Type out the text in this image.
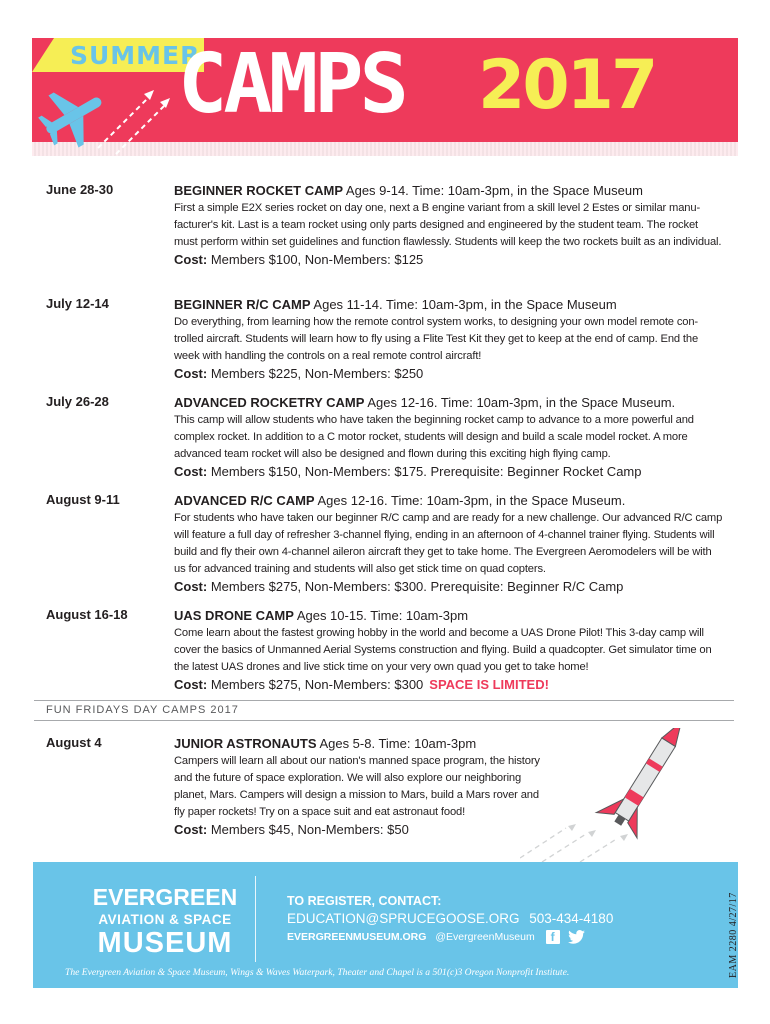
SUMMER
CAMPS 2017
June 28-30	BEGINNER ROCKET CAMP Ages 9-14. Time: 10am-3pm, in the Space Museum
First a simple E2X series rocket on day one, next a B engine variant from a skill level 2 Estes or similar manu-facturer's kit. Last is a team rocket using only parts designed and engineered by the student team. The rocket must perform within set guidelines and function flawlessly. Students will keep the two rockets built as an individual.
Cost: Members $100, Non-Members: $125
July 12-14	BEGINNER R/C CAMP Ages 11-14. Time: 10am-3pm, in the Space Museum
Do everything, from learning how the remote control system works, to designing your own model remote con-trolled aircraft. Students will learn how to fly using a Flite Test Kit they get to keep at the end of camp. End the week with handling the controls on a real remote control aircraft!
Cost: Members $225, Non-Members: $250
July 26-28	ADVANCED ROCKETRY CAMP Ages 12-16. Time: 10am-3pm, in the Space Museum.
This camp will allow students who have taken the beginning rocket camp to advance to a more powerful and complex rocket. In addition to a C motor rocket, students will design and build a scale model rocket. A more advanced team rocket will also be designed and flown during this exciting high flying camp.
Cost: Members $150, Non-Members: $175. Prerequisite: Beginner Rocket Camp
August 9-11	ADVANCED R/C CAMP Ages 12-16. Time: 10am-3pm, in the Space Museum.
For students who have taken our beginner R/C camp and are ready for a new challenge. Our advanced R/C camp will feature a full day of refresher 3-channel flying, ending in an afternoon of 4-channel trainer flying. Students will build and fly their own 4-channel aileron aircraft they get to take home. The Evergreen Aeromodelers will be with us for advanced training and students will also get stick time on quad copters.
Cost: Members $275, Non-Members: $300. Prerequisite: Beginner R/C Camp
August 16-18	UAS DRONE CAMP Ages 10-15. Time: 10am-3pm
Come learn about the fastest growing hobby in the world and become a UAS Drone Pilot! This 3-day camp will cover the basics of Unmanned Aerial Systems construction and flying. Build a quadcopter. Get simulator time on the latest UAS drones and live stick time on your very own quad you get to take home!
Cost: Members $275, Non-Members: $300 SPACE IS LIMITED!
FUN FRIDAYS DAY CAMPS 2017
August 4	JUNIOR ASTRONAUTS Ages 5-8. Time: 10am-3pm
Campers will learn all about our nation's manned space program, the history and the future of space exploration. We will also explore our neighboring planet, Mars. Campers will design a mission to Mars, build a Mars rover and fly paper rockets! Try on a space suit and eat astronaut food!
Cost: Members $45, Non-Members: $50
EVERGREEN
AVIATION & SPACE
MUSEUM
TO REGISTER, CONTACT:
EDUCATION@SPRUCEGOOSE.ORG 503-434-4180
EVERGREENMUSEUM.ORG @EvergreenMuseum f
The Evergreen Aviation & Space Museum, Wings & Waves Waterpark, Theater and Chapel is a 501(c)3 Oregon Nonprofit Institute.	EAM 2280 4/27/17
